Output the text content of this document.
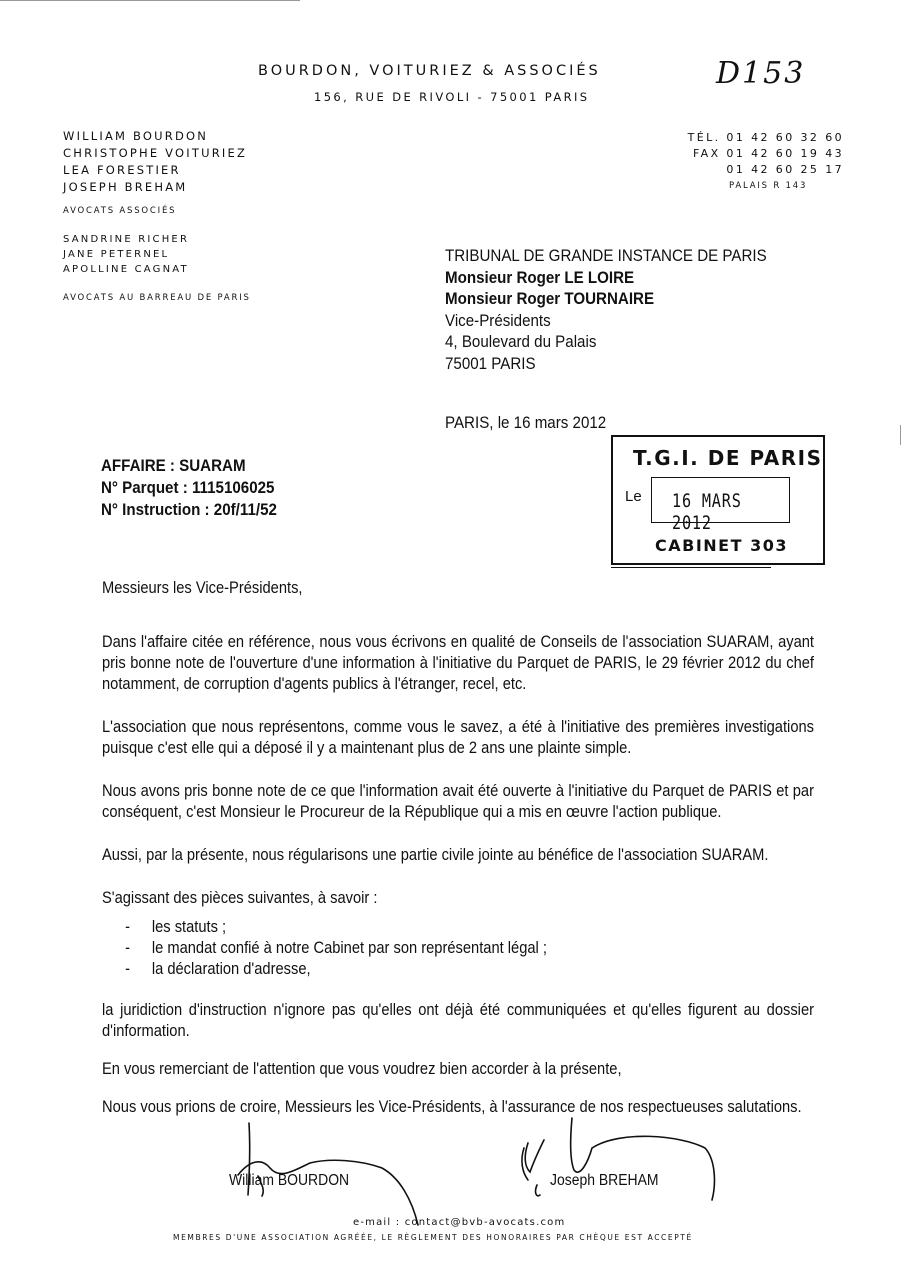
BOURDON, VOITURIEZ & ASSOCIÉS
156, RUE DE RIVOLI - 75001 PARIS
D153
WILLIAM BOURDON
CHRISTOPHE VOITURIEZ
LEA FORESTIER
JOSEPH BREHAM
AVOCATS ASSOCIÉS
SANDRINE RICHER
JANE PETERNEL
APOLLINE CAGNAT
AVOCATS AU BARREAU DE PARIS
TÉL. 01 42 60 32 60
FAX 01 42 60 19 43
01 42 60 25 17
PALAIS R 143
TRIBUNAL DE GRANDE INSTANCE DE PARIS
Monsieur Roger LE LOIRE
Monsieur Roger TOURNAIRE
Vice-Présidents
4, Boulevard du Palais
75001 PARIS
PARIS, le 16 mars 2012
AFFAIRE : SUARAM
N° Parquet : 1115106025
N° Instruction : 20f/11/52
T.G.I. DE PARIS
Le 16 MARS 2012
CABINET 303
Messieurs les Vice-Présidents,
Dans l'affaire citée en référence, nous vous écrivons en qualité de Conseils de l'association SUARAM, ayant pris bonne note de l'ouverture d'une information à l'initiative du Parquet de PARIS, le 29 février 2012 du chef notamment, de corruption d'agents publics à l'étranger, recel, etc.
L'association que nous représentons, comme vous le savez, a été à l'initiative des premières investigations puisque c'est elle qui a déposé il y a maintenant plus de 2 ans une plainte simple.
Nous avons pris bonne note de ce que l'information avait été ouverte à l'initiative du Parquet de PARIS et par conséquent, c'est Monsieur le Procureur de la République qui a mis en œuvre l'action publique.
Aussi, par la présente, nous régularisons une partie civile jointe au bénéfice de l'association SUARAM.
S'agissant des pièces suivantes, à savoir :
- les statuts ;
- le mandat confié à notre Cabinet par son représentant légal ;
- la déclaration d'adresse,
la juridiction d'instruction n'ignore pas qu'elles ont déjà été communiquées et qu'elles figurent au dossier d'information.
En vous remerciant de l'attention que vous voudrez bien accorder à la présente,
Nous vous prions de croire, Messieurs les Vice-Présidents, à l'assurance de nos respectueuses salutations.
William BOURDON	Joseph BREHAM
e-mail : contact@bvb-avocats.com
MEMBRES D'UNE ASSOCIATION AGRÉÉE, LE RÈGLEMENT DES HONORAIRES PAR CHÈQUE EST ACCEPTÉ
